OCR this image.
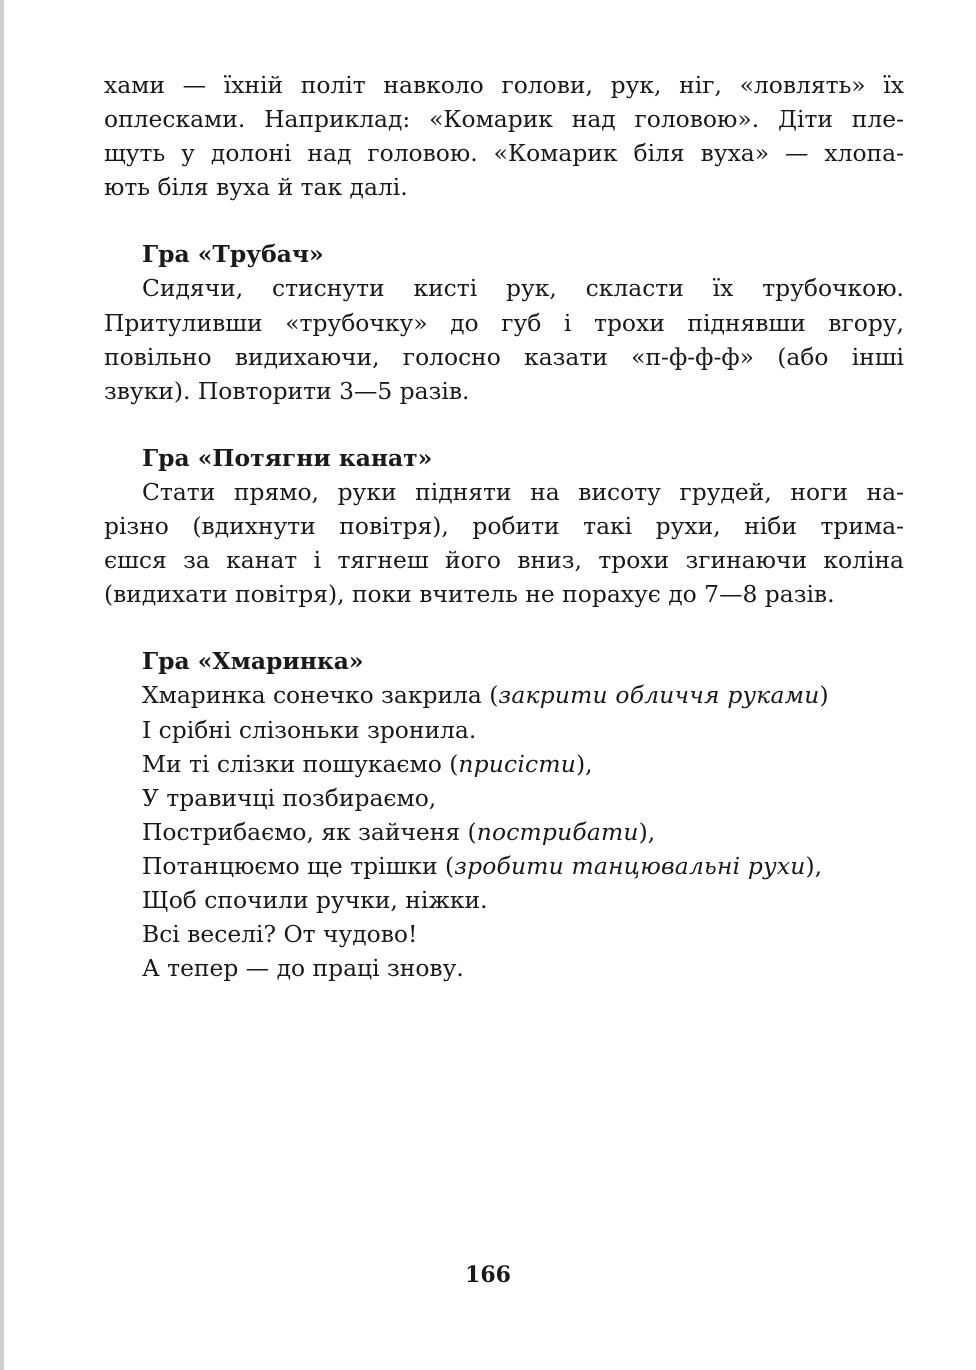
хами — їхній політ навколо голови, рук, ніг, «ловлять» їх
оплесками. Наприклад: «Комарик над головою». Діти пле-
щуть у долоні над головою. «Комарик біля вуха» — хлопа-
ють біля вуха й так далі.

Гра «Трубач»

Сидячи, стиснути кисті рук, скласти їх трубочкою.
Притуливши «трубочку» до губ і трохи піднявши вгору,
повільно видихаючи, голосно казати «п-ф-ф-ф» (або інші
звуки). Повторити 3—5 разів.

Гра «Потягни канат»

Стати прямо, руки підняти на висоту грудей, ноги на-
різно (вдихнути повітря), робити такі рухи, ніби трима-
єшся за канат і тягнеш його вниз, трохи згинаючи коліна
(видихати повітря), поки вчитель не порахує до 7—8 разів.

Гра «Хмаринка»

Хмаринка сонечко закрила (закрити обличчя руками)
І срібні слізоньки зронила.
Ми ті слізки пошукаємо (присісти),
У травичці позбираємо,
Пострибаємо, як зайченя (пострибати),
Потанцюємо ще трішки (зробити танцювальні рухи),
Щоб спочили ручки, ніжки.
Всі веселі? От чудово!
А тепер — до праці знову.
166
